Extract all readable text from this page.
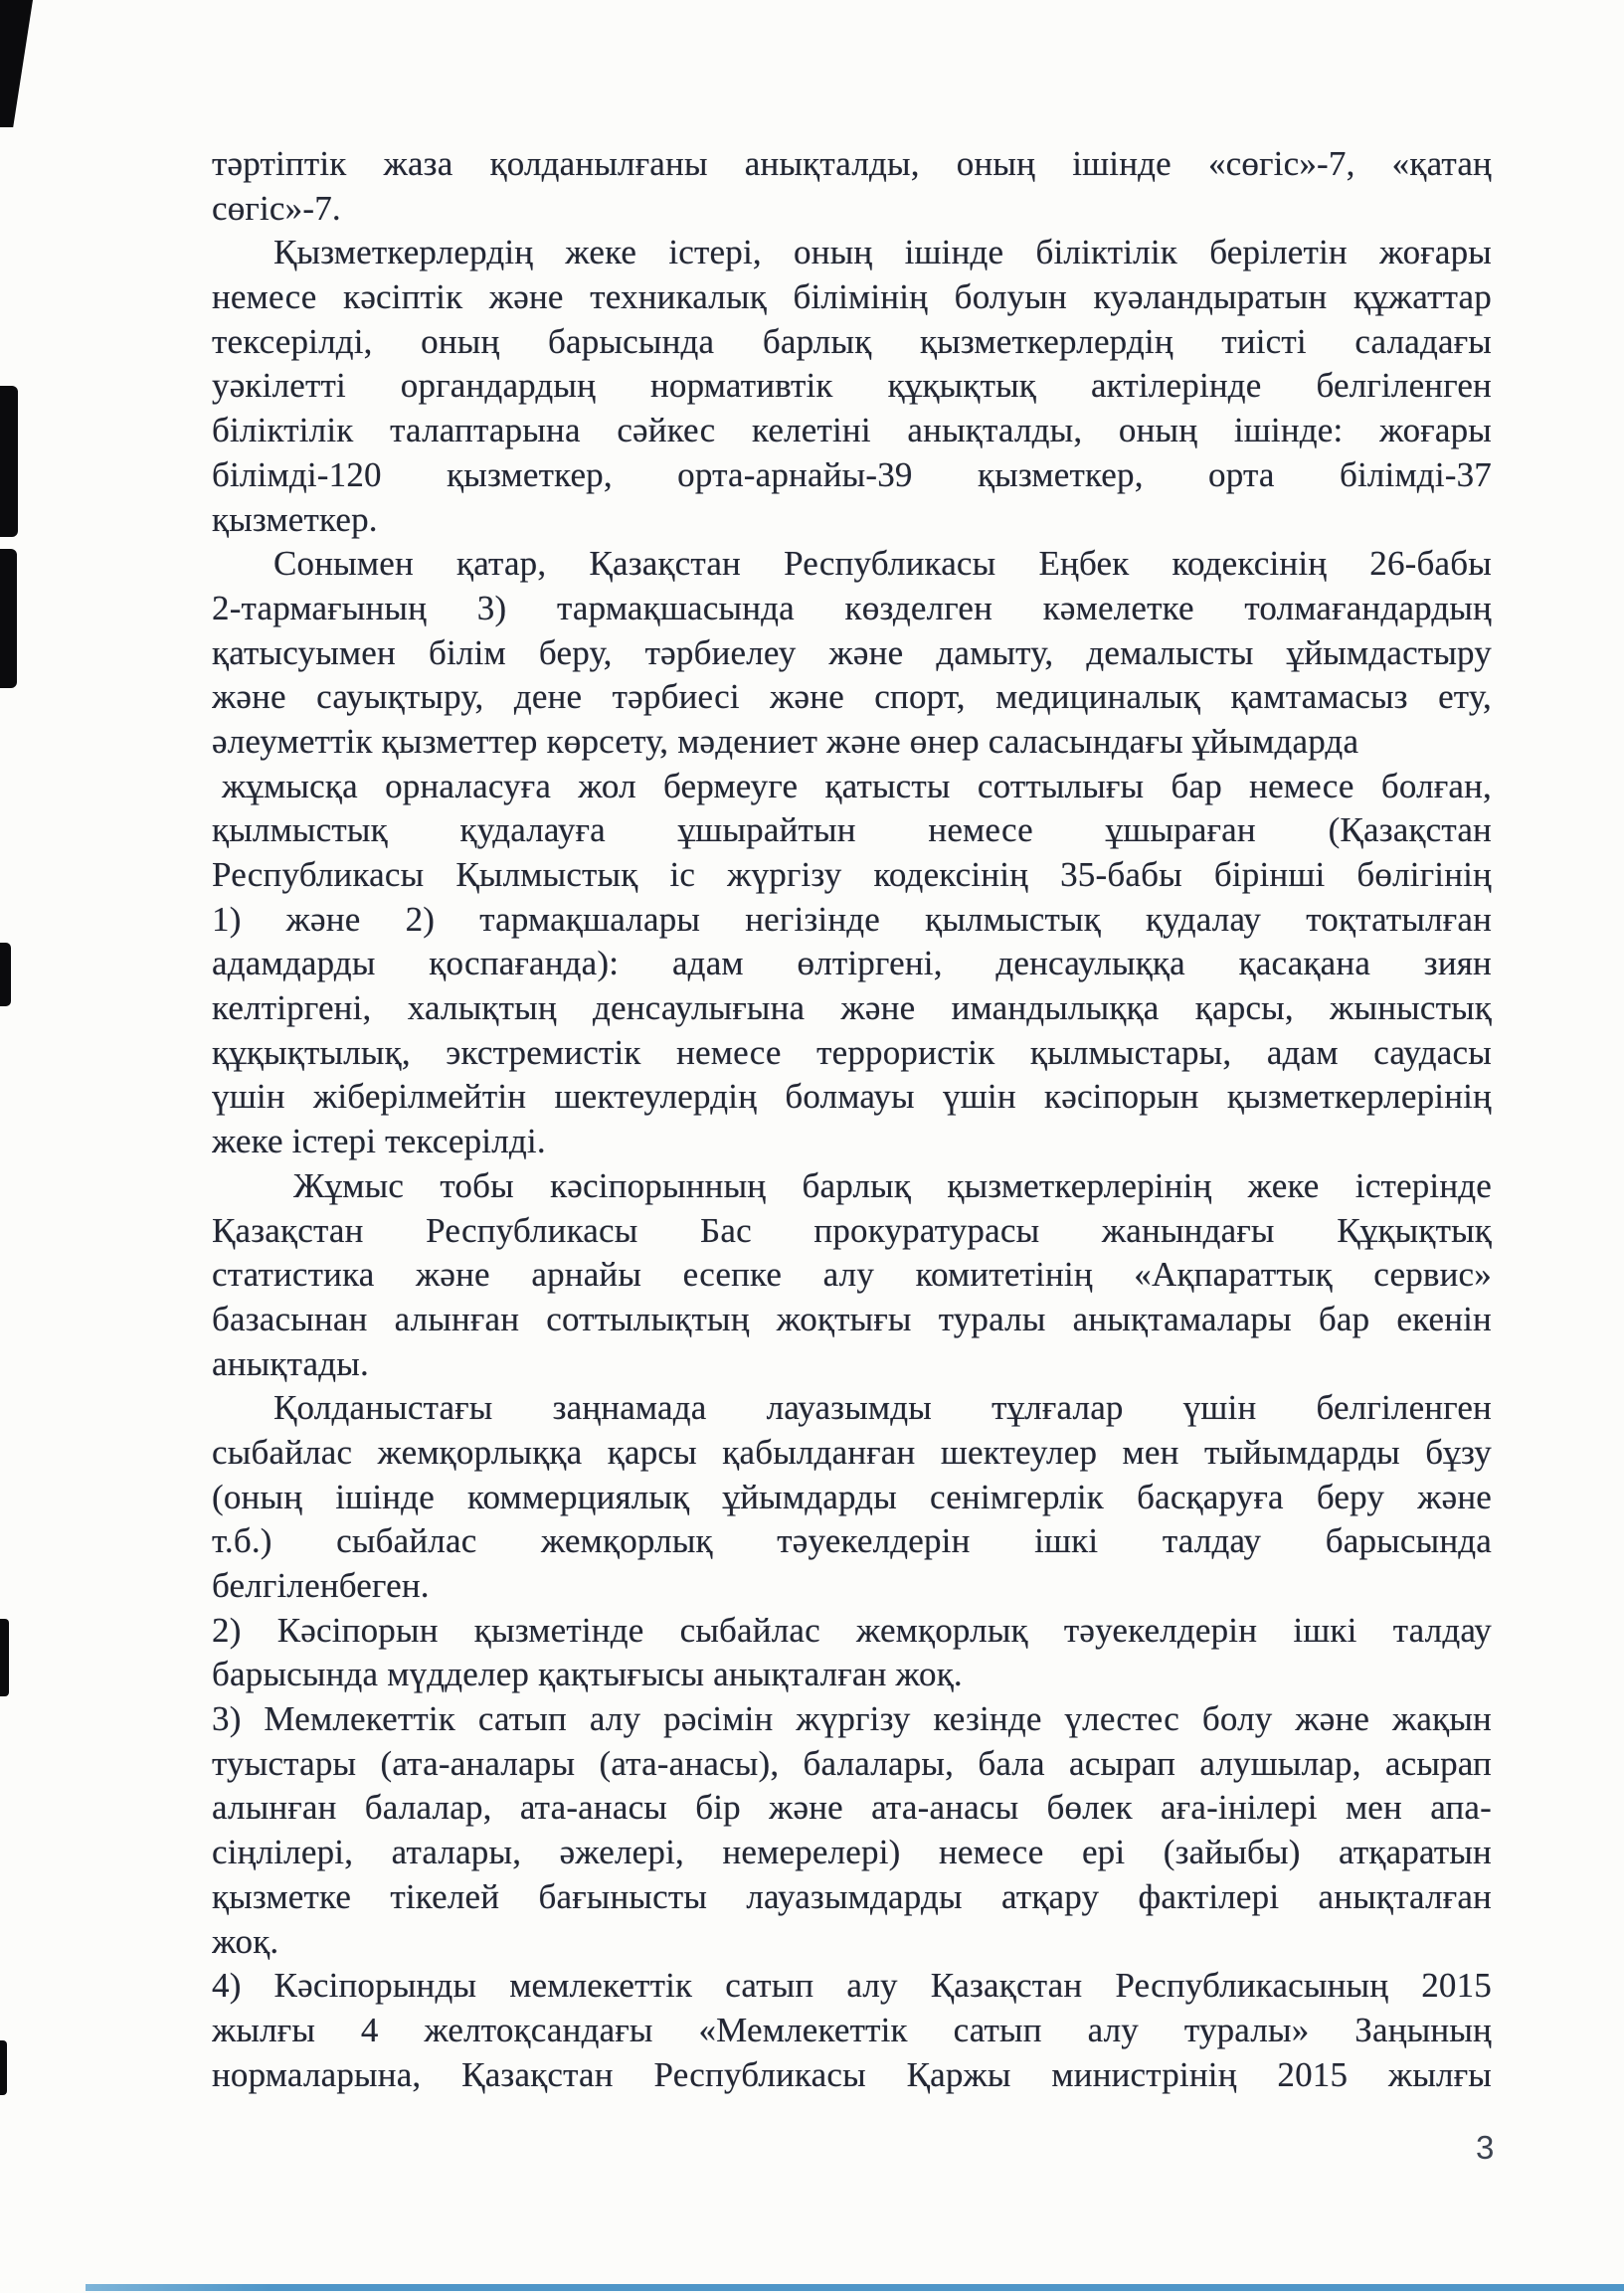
тәртіптік жаза қолданылғаны анықталды, оның ішінде «сөгіс»-7, «қатаң
сөгіс»-7.
Қызметкерлердің жеке істері, оның ішінде біліктілік берілетін жоғары
немесе кәсіптік және техникалық білімінің болуын куәландыратын құжаттар
тексерілді, оның барысында барлық қызметкерлердің тиісті саладағы
уәкілетті органдардың нормативтік құқықтық актілерінде белгіленген
біліктілік талаптарына сәйкес келетіні анықталды, оның ішінде: жоғары
білімді-120 қызметкер, орта-арнайы-39 қызметкер, орта білімді-37
қызметкер.
Сонымен қатар, Қазақстан Республикасы Еңбек кодексінің 26-бабы
2-тармағының 3) тармақшасында көзделген кәмелетке толмағандардың
қатысуымен білім беру, тәрбиелеу және дамыту, демалысты ұйымдастыру
және сауықтыру, дене тәрбиесі және спорт, медициналық қамтамасыз ету,
әлеуметтік қызметтер көрсету, мәдениет және өнер саласындағы ұйымдарда
жұмысқа орналасуға жол бермеуге қатысты соттылығы бар немесе болған,
қылмыстық қудалауға ұшырайтын немесе ұшыраған (Қазақстан
Республикасы Қылмыстық іс жүргізу кодексінің 35-бабы бірінші бөлігінің
1) және 2) тармақшалары негізінде қылмыстық қудалау тоқтатылған
адамдарды қоспағанда): адам өлтіргені, денсаулыққа қасақана зиян
келтіргені, халықтың денсаулығына және имандылыққа қарсы, жыныстық
құқықтылық, экстремистік немесе террористік қылмыстары, адам саудасы
үшін жіберілмейтін шектеулердің болмауы үшін кәсіпорын қызметкерлерінің
жеке істері тексерілді.
Жұмыс тобы кәсіпорынның барлық қызметкерлерінің жеке істерінде
Қазақстан Республикасы Бас прокуратурасы жанындағы Құқықтық
статистика және арнайы есепке алу комитетінің «Ақпараттық сервис»
базасынан алынған соттылықтың жоқтығы туралы анықтамалары бар екенін
анықтады.
Қолданыстағы заңнамада лауазымды тұлғалар үшін белгіленген
сыбайлас жемқорлыққа қарсы қабылданған шектеулер мен тыйымдарды бұзу
(оның ішінде коммерциялық ұйымдарды сенімгерлік басқаруға беру және
т.б.) сыбайлас жемқорлық тәуекелдерін ішкі талдау барысында
белгіленбеген.
2) Кәсіпорын қызметінде сыбайлас жемқорлық тәуекелдерін ішкі талдау
барысында мүдделер қақтығысы анықталған жоқ.
3) Мемлекеттік сатып алу рәсімін жүргізу кезінде үлестес болу және жақын
туыстары (ата-аналары (ата-анасы), балалары, бала асырап алушылар, асырап
алынған балалар, ата-анасы бір және ата-анасы бөлек аға-інілері мен апа-
сіңлілері, аталары, әжелері, немерелері) немесе ері (зайыбы) атқаратын
қызметке тікелей бағынысты лауазымдарды атқару фактілері анықталған
жоқ.
4) Кәсіпорынды мемлекеттік сатып алу Қазақстан Республикасының 2015
жылғы 4 желтоқсандағы «Мемлекеттік сатып алу туралы» Заңының
нормаларына, Қазақстан Республикасы Қаржы министрінің 2015 жылғы
3
